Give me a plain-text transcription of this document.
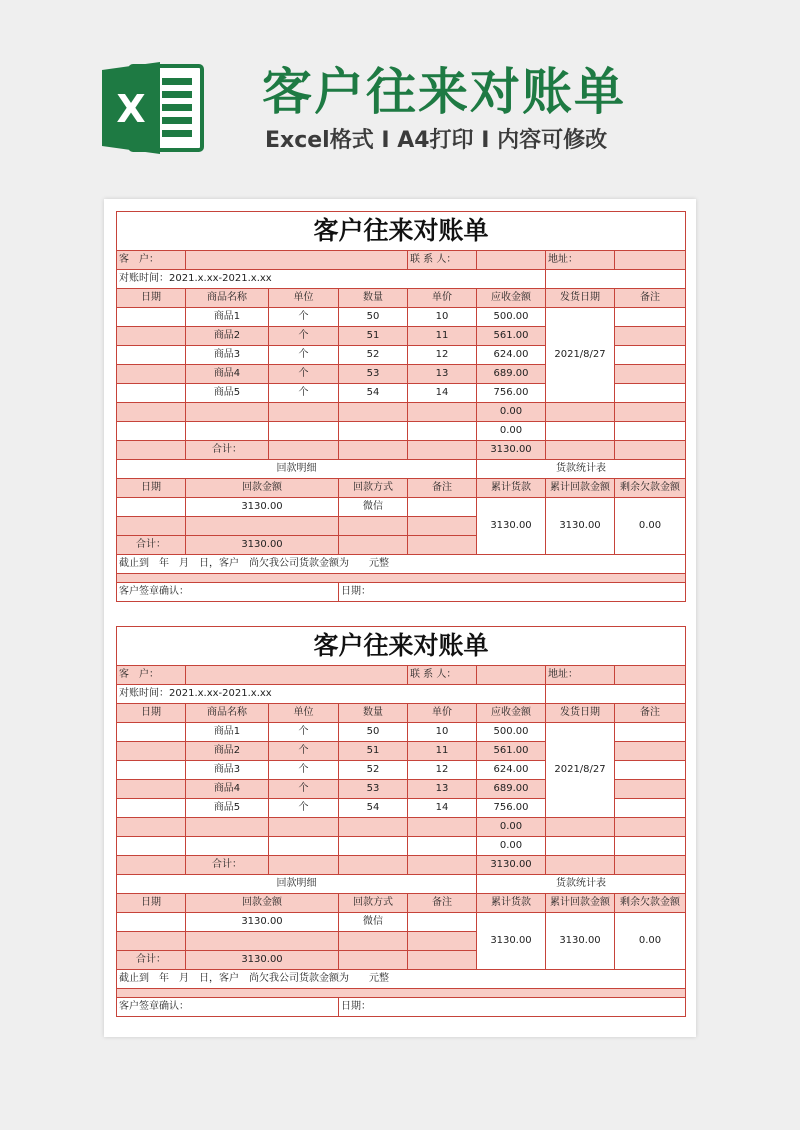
X 客户往来对账单
Excel格式 I A4打印 I 内容可修改
客户往来对账单							
客　户：				联 系 人：		地址：	
对账时间：2021.x.xx-2021.x.xx							
日期	商品名称	单位	数量	单价	应收金额	发货日期	备注
	商品1	个	50	10	500.00	2021/8/27	
	商品2	个	51	11	561.00		
	商品3	个	52	12	624.00		
	商品4	个	53	13	689.00		
	商品5	个	54	14	756.00		
					0.00		
					0.00		
	合计：				3130.00		
回款明细					货款统计表		
日期	回款金额		回款方式	备注	累计货款	累计回款金额	剩余欠款金额
	3130.00		微信		3130.00	3130.00	0.00

合计：	3130.00						
截止到　年　月　日，客户　尚欠我公司货款金额为　　元整							

客户签章确认：			日期：				
客户往来对账单							
客　户：				联 系 人：		地址：	
对账时间：2021.x.xx-2021.x.xx							
日期	商品名称	单位	数量	单价	应收金额	发货日期	备注
	商品1	个	50	10	500.00	2021/8/27	
	商品2	个	51	11	561.00		
	商品3	个	52	12	624.00		
	商品4	个	53	13	689.00		
	商品5	个	54	14	756.00		
					0.00		
					0.00		
	合计：				3130.00		
回款明细					货款统计表		
日期	回款金额		回款方式	备注	累计货款	累计回款金额	剩余欠款金额
	3130.00		微信		3130.00	3130.00	0.00

合计：	3130.00						
截止到　年　月　日，客户　尚欠我公司货款金额为　　元整							

客户签章确认：			日期：				
